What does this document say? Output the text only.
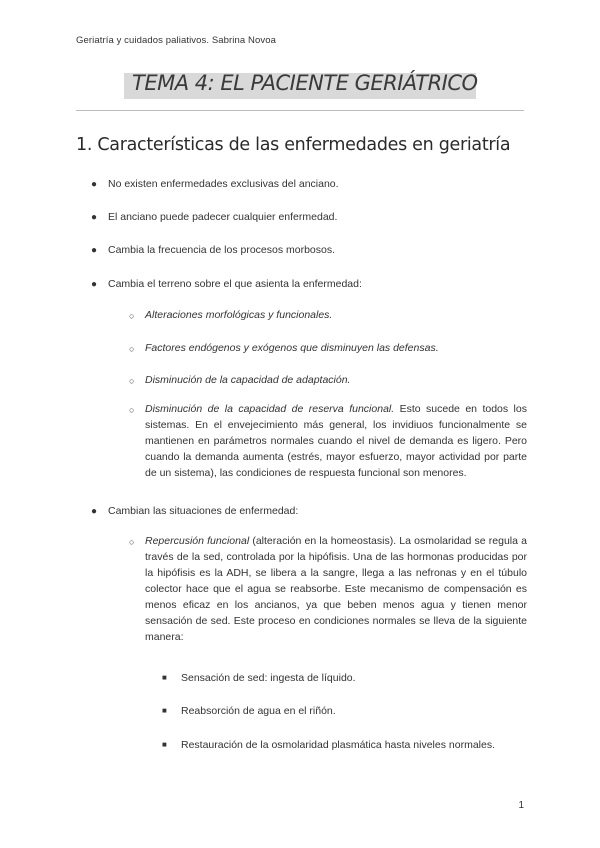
Geriatría y cuidados paliativos. Sabrina Novoa
TEMA 4: EL PACIENTE GERIÁTRICO
1. Características de las enfermedades en geriatría
● No existen enfermedades exclusivas del anciano.
● El anciano puede padecer cualquier enfermedad.
● Cambia la frecuencia de los procesos morbosos.
● Cambia el terreno sobre el que asienta la enfermedad:
○ Alteraciones morfológicas y funcionales.
○ Factores endógenos y exógenos que disminuyen las defensas.
○ Disminución de la capacidad de adaptación.
○ Disminución de la capacidad de reserva funcional. Esto sucede en todos los sistemas. En el envejecimiento más general, los invidiuos funcionalmente se mantienen en parámetros normales cuando el nivel de demanda es ligero. Pero cuando la demanda aumenta (estrés, mayor esfuerzo, mayor actividad por parte de un sistema), las condiciones de respuesta funcional son menores.
● Cambian las situaciones de enfermedad:
○ Repercusión funcional (alteración en la homeostasis). La osmolaridad se regula a través de la sed, controlada por la hipófisis. Una de las hormonas producidas por la hipófisis es la ADH, se libera a la sangre, llega a las nefronas y en el túbulo colector hace que el agua se reabsorbe. Este mecanismo de compensación es menos eficaz en los ancianos, ya que beben menos agua y tienen menor sensación de sed. Este proceso en condiciones normales se lleva de la siguiente manera:
■ Sensación de sed: ingesta de líquido.
■ Reabsorción de agua en el riñón.
■ Restauración de la osmolaridad plasmática hasta niveles normales.
1
